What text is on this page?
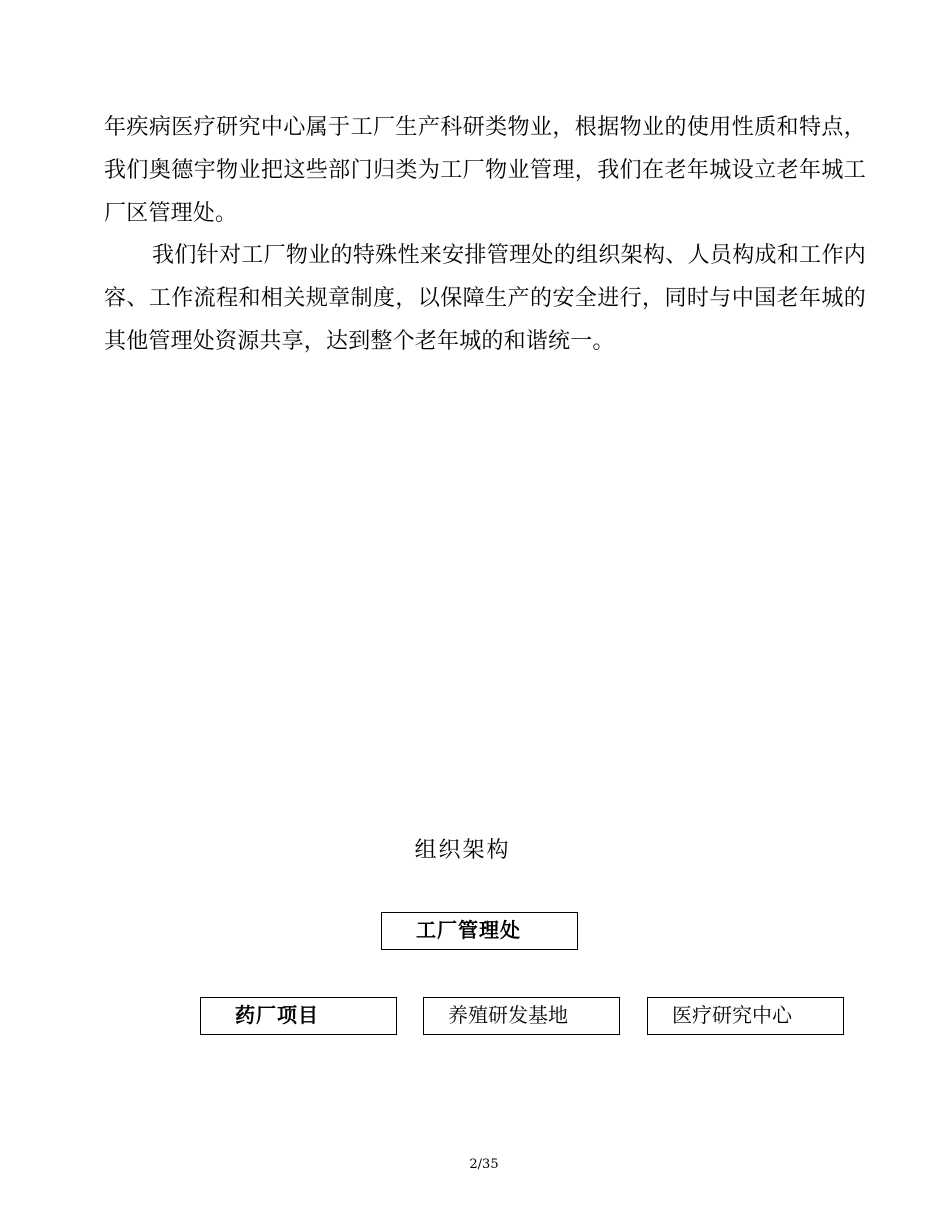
年疾病医疗研究中心属于工厂生产科研类物业，根据物业的使用性质和特点，我们奥德宇物业把这些部门归类为工厂物业管理，我们在老年城设立老年城工厂区管理处。

我们针对工厂物业的特殊性来安排管理处的组织架构、人员构成和工作内容、工作流程和相关规章制度，以保障生产的安全进行，同时与中国老年城的其他管理处资源共享，达到整个老年城的和谐统一。

组织架构
工厂管理处
药厂项目	养殖研发基地	医疗研究中心
2/35
